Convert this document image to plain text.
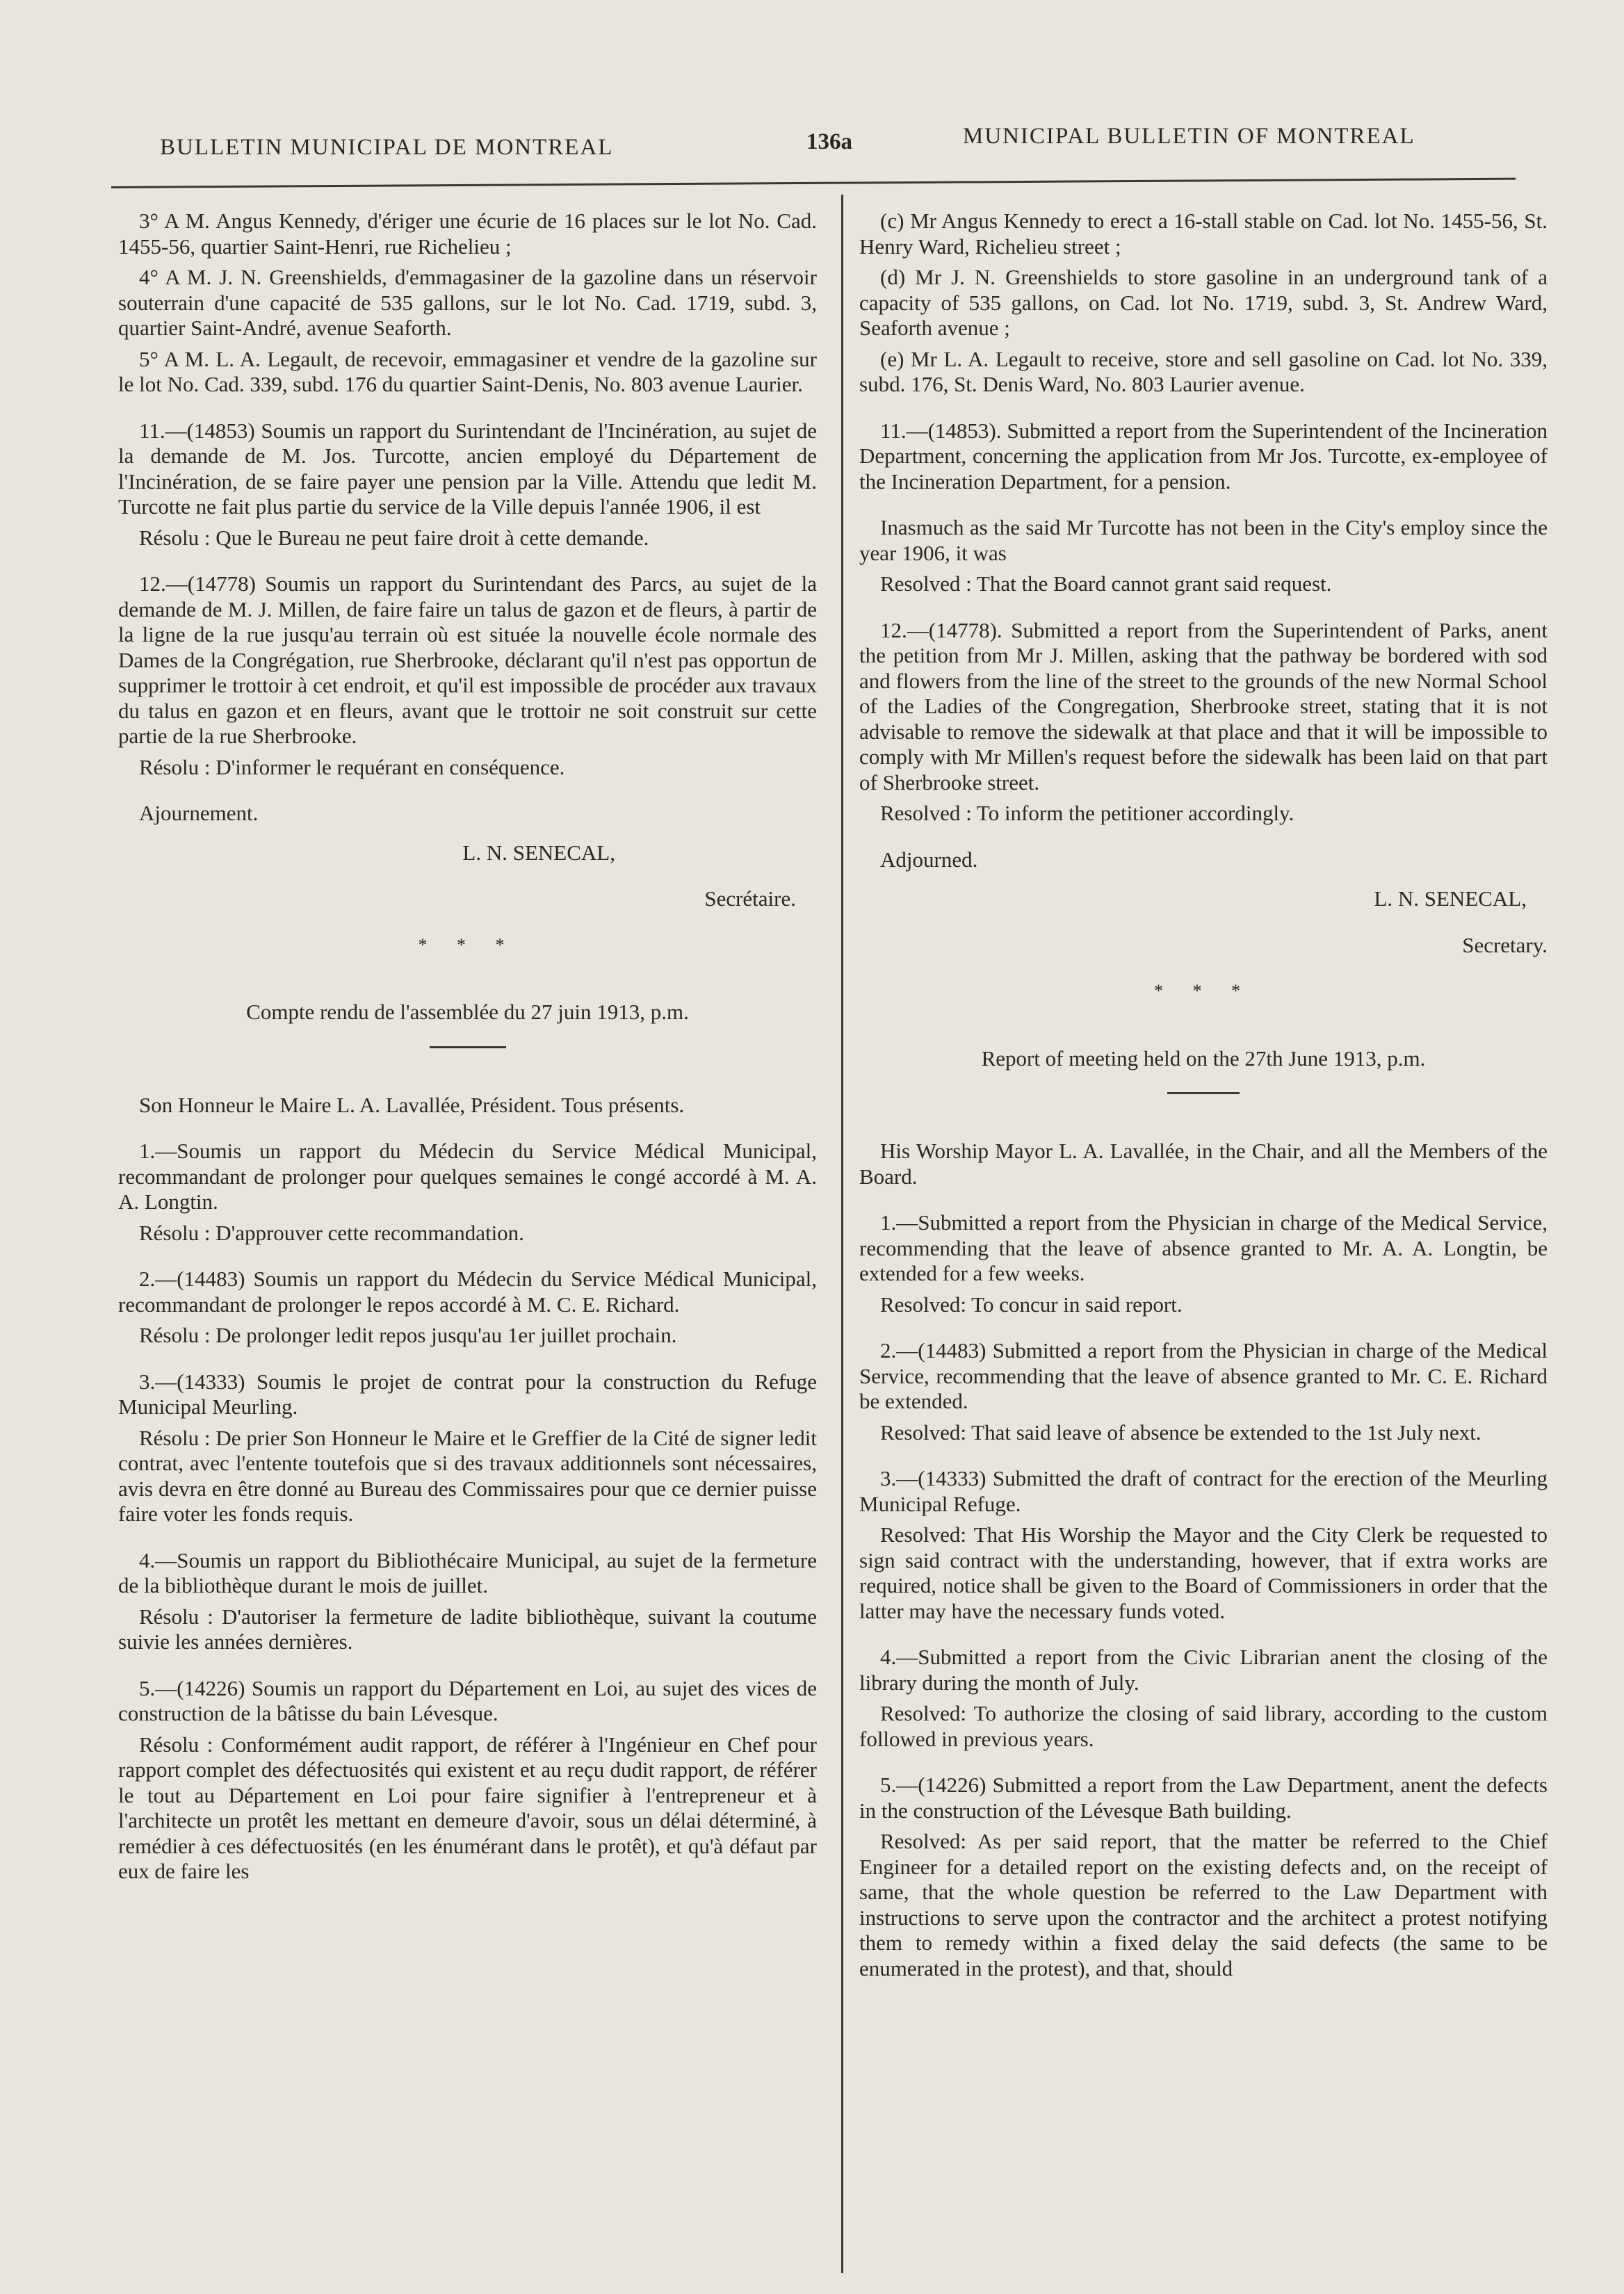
BULLETIN MUNICIPAL DE MONTREAL	136a	MUNICIPAL BULLETIN OF MONTREAL

3° A M. Angus Kennedy, d'ériger une écurie de 16 places sur le lot No. Cad. 1455-56, quartier Saint-Henri, rue Richelieu ;

4° A M. J. N. Greenshields, d'emmagasiner de la gazoline dans un réservoir souterrain d'une capacité de 535 gallons, sur le lot No. Cad. 1719, subd. 3, quartier Saint-André, avenue Seaforth.

5° A M. L. A. Legault, de recevoir, emmagasiner et vendre de la gazoline sur le lot No. Cad. 339, subd. 176 du quartier Saint-Denis, No. 803 avenue Laurier.

11.—(14853) Soumis un rapport du Surintendant de l'Incinération, au sujet de la demande de M. Jos. Turcotte, ancien employé du Département de l'Incinération, de se faire payer une pension par la Ville. Attendu que ledit M. Turcotte ne fait plus partie du service de la Ville depuis l'année 1906, il est

Résolu : Que le Bureau ne peut faire droit à cette demande.

12.—(14778) Soumis un rapport du Surintendant des Parcs, au sujet de la demande de M. J. Millen, de faire faire un talus de gazon et de fleurs, à partir de la ligne de la rue jusqu'au terrain où est située la nouvelle école normale des Dames de la Congrégation, rue Sherbrooke, déclarant qu'il n'est pas opportun de supprimer le trottoir à cet endroit, et qu'il est impossible de procéder aux travaux du talus en gazon et en fleurs, avant que le trottoir ne soit construit sur cette partie de la rue Sherbrooke.

Résolu : D'informer le requérant en conséquence.

Ajournement.

L. N. SENECAL,

Secrétaire.

* * *

Compte rendu de l'assemblée du 27 juin 1913, p.m.

Son Honneur le Maire L. A. Lavallée, Président. Tous présents.

1.—Soumis un rapport du Médecin du Service Médical Municipal, recommandant de prolonger pour quelques semaines le congé accordé à M. A. A. Longtin.

Résolu : D'approuver cette recommandation.

2.—(14483) Soumis un rapport du Médecin du Service Médical Municipal, recommandant de prolonger le repos accordé à M. C. E. Richard.

Résolu : De prolonger ledit repos jusqu'au 1er juillet prochain.

3.—(14333) Soumis le projet de contrat pour la construction du Refuge Municipal Meurling.

Résolu : De prier Son Honneur le Maire et le Greffier de la Cité de signer ledit contrat, avec l'entente toutefois que si des travaux additionnels sont nécessaires, avis devra en être donné au Bureau des Commissaires pour que ce dernier puisse faire voter les fonds requis.

4.—Soumis un rapport du Bibliothécaire Municipal, au sujet de la fermeture de la bibliothèque durant le mois de juillet.

Résolu : D'autoriser la fermeture de ladite bibliothèque, suivant la coutume suivie les années dernières.

5.—(14226) Soumis un rapport du Département en Loi, au sujet des vices de construction de la bâtisse du bain Lévesque.

Résolu : Conformément audit rapport, de référer à l'Ingénieur en Chef pour rapport complet des défectuosités qui existent et au reçu dudit rapport, de référer le tout au Département en Loi pour faire signifier à l'entrepreneur et à l'architecte un protêt les mettant en demeure d'avoir, sous un délai déterminé, à remédier à ces défectuosités (en les énumérant dans le protêt), et qu'à défaut par eux de faire les

(c) Mr Angus Kennedy to erect a 16-stall stable on Cad. lot No. 1455-56, St. Henry Ward, Richelieu street ;

(d) Mr J. N. Greenshields to store gasoline in an underground tank of a capacity of 535 gallons, on Cad. lot No. 1719, subd. 3, St. Andrew Ward, Seaforth avenue ;

(e) Mr L. A. Legault to receive, store and sell gasoline on Cad. lot No. 339, subd. 176, St. Denis Ward, No. 803 Laurier avenue.

11.—(14853). Submitted a report from the Superintendent of the Incineration Department, concerning the application from Mr Jos. Turcotte, ex-employee of the Incineration Department, for a pension.

Inasmuch as the said Mr Turcotte has not been in the City's employ since the year 1906, it was

Resolved : That the Board cannot grant said request.

12.—(14778). Submitted a report from the Superintendent of Parks, anent the petition from Mr J. Millen, asking that the pathway be bordered with sod and flowers from the line of the street to the grounds of the new Normal School of the Ladies of the Congregation, Sherbrooke street, stating that it is not advisable to remove the sidewalk at that place and that it will be impossible to comply with Mr Millen's request before the sidewalk has been laid on that part of Sherbrooke street.

Resolved : To inform the petitioner accordingly.

Adjourned.

L. N. SENECAL,

Secretary.

* * *

Report of meeting held on the 27th June 1913, p.m.

His Worship Mayor L. A. Lavallée, in the Chair, and all the Members of the Board.

1.—Submitted a report from the Physician in charge of the Medical Service, recommending that the leave of absence granted to Mr. A. A. Longtin, be extended for a few weeks.

Resolved: To concur in said report.

2.—(14483) Submitted a report from the Physician in charge of the Medical Service, recommending that the leave of absence granted to Mr. C. E. Richard be extended.

Resolved: That said leave of absence be extended to the 1st July next.

3.—(14333) Submitted the draft of contract for the erection of the Meurling Municipal Refuge.

Resolved: That His Worship the Mayor and the City Clerk be requested to sign said contract with the understanding, however, that if extra works are required, notice shall be given to the Board of Commissioners in order that the latter may have the necessary funds voted.

4.—Submitted a report from the Civic Librarian anent the closing of the library during the month of July.

Resolved: To authorize the closing of said library, according to the custom followed in previous years.

5.—(14226) Submitted a report from the Law Department, anent the defects in the construction of the Lévesque Bath building.

Resolved: As per said report, that the matter be referred to the Chief Engineer for a detailed report on the existing defects and, on the receipt of same, that the whole question be referred to the Law Department with instructions to serve upon the contractor and the architect a protest notifying them to remedy within a fixed delay the said defects (the same to be enumerated in the protest), and that, should
